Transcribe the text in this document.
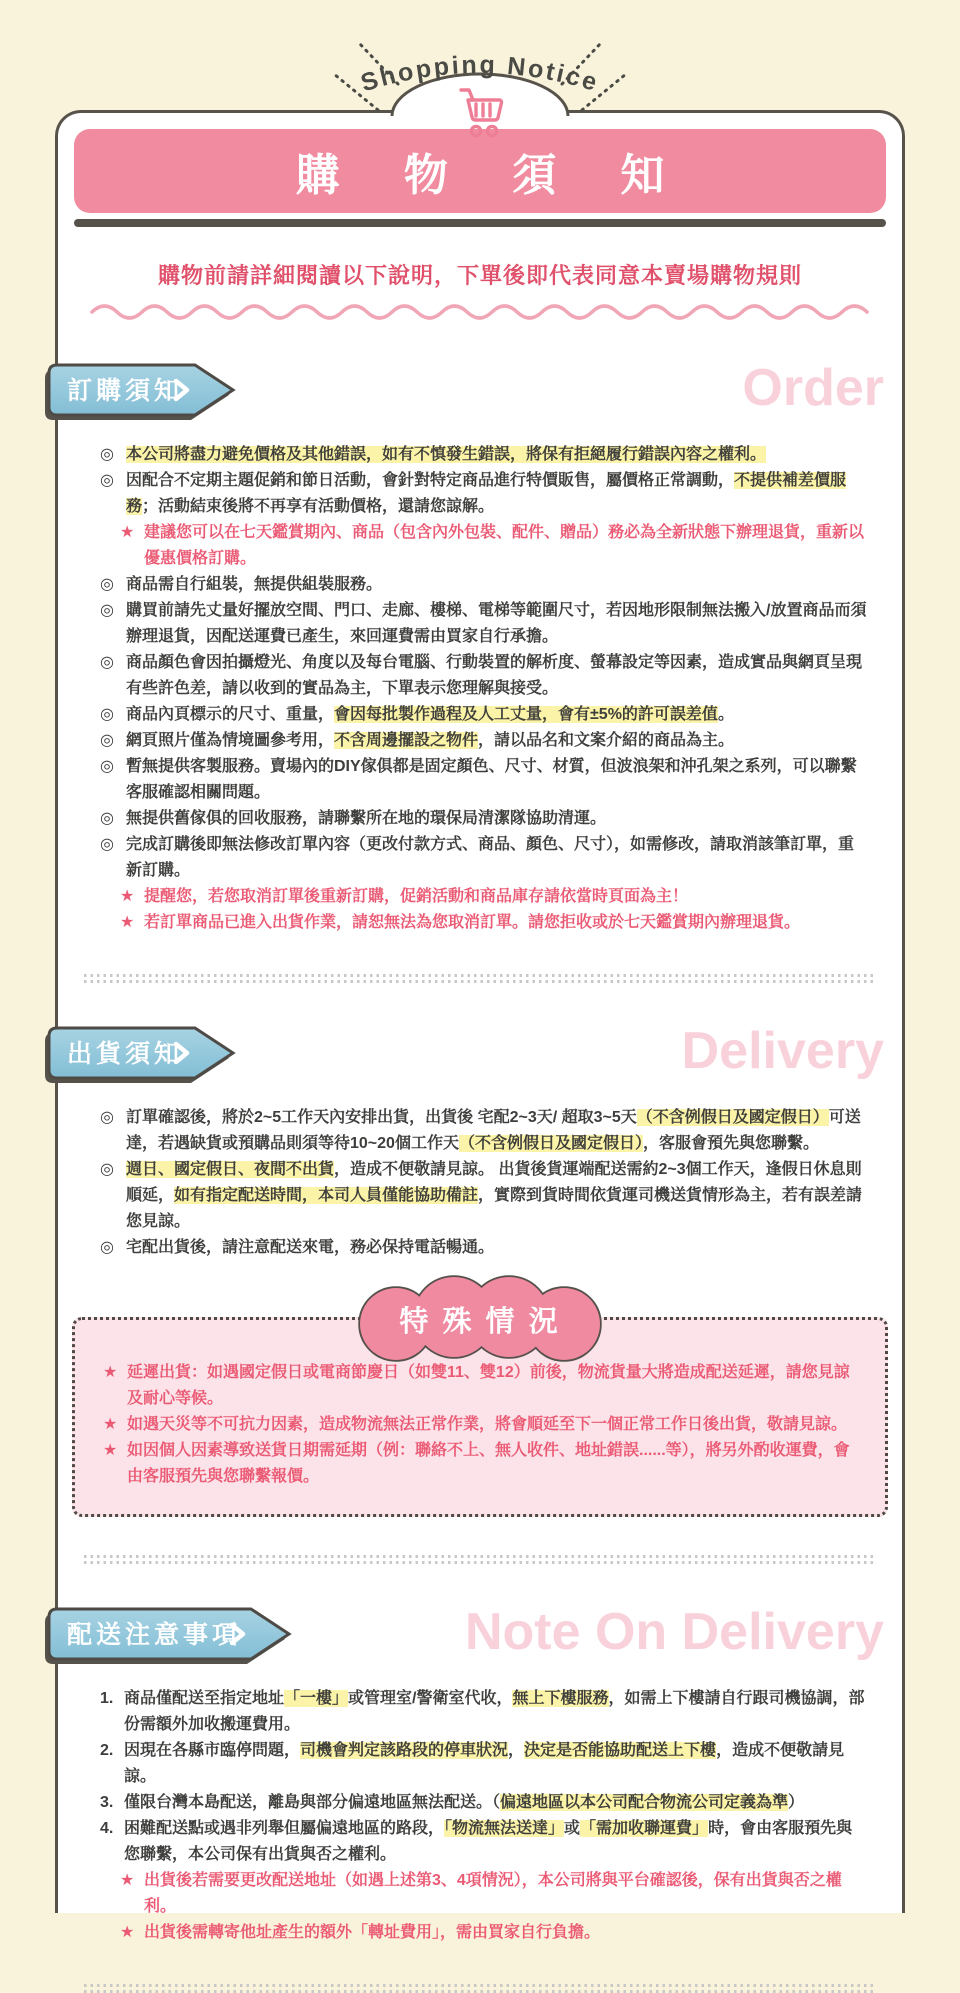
Shopping Notice
購 物 須 知
購物前請詳細閱讀以下說明，下單後即代表同意本賣場購物規則
訂購須知	Order
◎ 本公司將盡力避免價格及其他錯誤，如有不慎發生錯誤，將保有拒絕履行錯誤內容之權利。
◎ 因配合不定期主題促銷和節日活動，會針對特定商品進行特價販售，屬價格正常調動，不提供補差價服務；活動結束後將不再享有活動價格，還請您諒解。
★ 建議您可以在七天鑑賞期內、商品（包含內外包裝、配件、贈品）務必為全新狀態下辦理退貨，重新以優惠價格訂購。
◎ 商品需自行組裝，無提供組裝服務。
◎ 購買前請先丈量好擺放空間、門口、走廊、樓梯、電梯等範圍尺寸，若因地形限制無法搬入/放置商品而須辦理退貨，因配送運費已產生，來回運費需由買家自行承擔。
◎ 商品顏色會因拍攝燈光、角度以及每台電腦、行動裝置的解析度、螢幕設定等因素，造成實品與網頁呈現有些許色差，請以收到的實品為主，下單表示您理解與接受。
◎ 商品內頁標示的尺寸、重量，會因每批製作過程及人工丈量，會有±5%的許可誤差值。
◎ 網頁照片僅為情境圖參考用，不含周邊擺設之物件，請以品名和文案介紹的商品為主。
◎ 暫無提供客製服務。賣場內的DIY傢俱都是固定顏色、尺寸、材質，但波浪架和沖孔架之系列，可以聯繫客服確認相關問題。
◎ 無提供舊傢俱的回收服務，請聯繫所在地的環保局清潔隊協助清運。
◎ 完成訂購後即無法修改訂單內容（更改付款方式、商品、顏色、尺寸），如需修改，請取消該筆訂單，重新訂購。
★ 提醒您，若您取消訂單後重新訂購，促銷活動和商品庫存請依當時頁面為主！
★ 若訂單商品已進入出貨作業，請恕無法為您取消訂單。請您拒收或於七天鑑賞期內辦理退貨。
出貨須知	Delivery
◎ 訂單確認後，將於2~5工作天內安排出貨，出貨後 宅配2~3天/ 超取3~5天（不含例假日及國定假日）可送達，若遇缺貨或預購品則須等待10~20個工作天（不含例假日及國定假日），客服會預先與您聯繫。
◎ 週日、國定假日、夜間不出貨，造成不便敬請見諒。 出貨後貨運端配送需約2~3個工作天，逢假日休息則順延，如有指定配送時間，本司人員僅能協助備註，實際到貨時間依貨運司機送貨情形為主，若有誤差請您見諒。
◎ 宅配出貨後，請注意配送來電，務必保持電話暢通。
特 殊 情 況
★ 延遲出貨：如遇國定假日或電商節慶日（如雙11、雙12）前後，物流貨量大將造成配送延遲，請您見諒及耐心等候。
★ 如遇天災等不可抗力因素，造成物流無法正常作業，將會順延至下一個正常工作日後出貨，敬請見諒。
★ 如因個人因素導致送貨日期需延期（例：聯絡不上、無人收件、地址錯誤......等），將另外酌收運費，會由客服預先與您聯繫報價。
配送注意事項	Note On Delivery
1. 商品僅配送至指定地址「一樓」或管理室/警衛室代收，無上下樓服務，如需上下樓請自行跟司機協調，部份需額外加收搬運費用。
2. 因現在各縣市臨停問題，司機會判定該路段的停車狀況，決定是否能協助配送上下樓，造成不便敬請見諒。
3. 僅限台灣本島配送，離島與部分偏遠地區無法配送。（偏遠地區以本公司配合物流公司定義為準）
4. 困難配送點或遇非列舉但屬偏遠地區的路段，「物流無法送達」或「需加收聯運費」時，會由客服預先與您聯繫，本公司保有出貨與否之權利。
★ 出貨後若需要更改配送地址（如遇上述第3、4項情況），本公司將與平台確認後，保有出貨與否之權利。
★ 出貨後需轉寄他址產生的額外「轉址費用」，需由買家自行負擔。
